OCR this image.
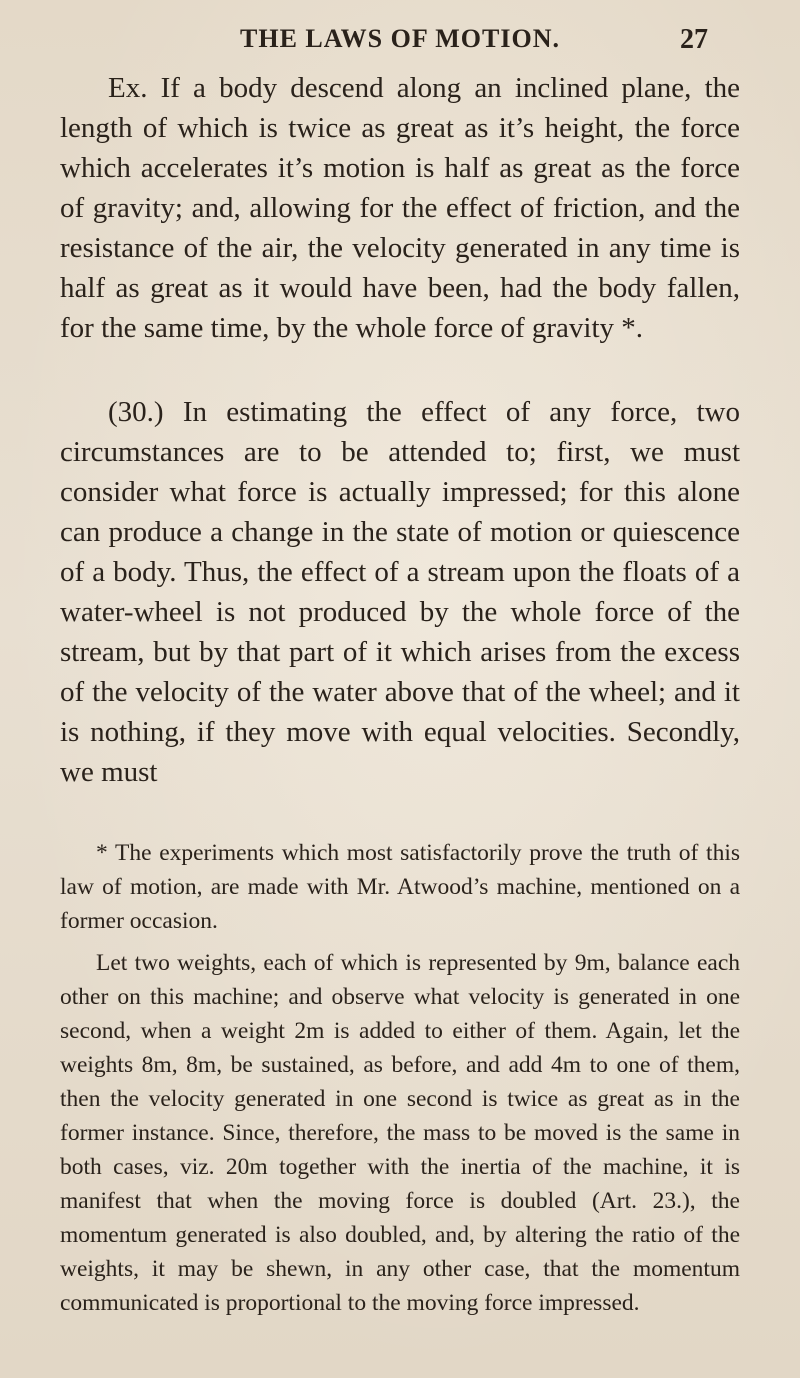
THE LAWS OF MOTION.	27

Ex. If a body descend along an inclined plane, the length of which is twice as great as it’s height, the force which accelerates it’s motion is half as great as the force of gravity; and, allowing for the effect of friction, and the resistance of the air, the velocity generated in any time is half as great as it would have been, had the body fallen, for the same time, by the whole force of gravity *.

(30.) In estimating the effect of any force, two circumstances are to be attended to; first, we must consider what force is actually impressed; for this alone can produce a change in the state of motion or quiescence of a body. Thus, the effect of a stream upon the floats of a water-wheel is not produced by the whole force of the stream, but by that part of it which arises from the excess of the velocity of the water above that of the wheel; and it is nothing, if they move with equal velocities. Secondly, we must

* The experiments which most satisfactorily prove the truth of this law of motion, are made with Mr. Atwood’s machine, mentioned on a former occasion.

Let two weights, each of which is represented by 9m, balance each other on this machine; and observe what velocity is generated in one second, when a weight 2m is added to either of them. Again, let the weights 8m, 8m, be sustained, as before, and add 4m to one of them, then the velocity generated in one second is twice as great as in the former instance. Since, therefore, the mass to be moved is the same in both cases, viz. 20m together with the inertia of the machine, it is manifest that when the moving force is doubled (Art. 23.), the momentum generated is also doubled, and, by altering the ratio of the weights, it may be shewn, in any other case, that the momentum communicated is proportional to the moving force impressed.
